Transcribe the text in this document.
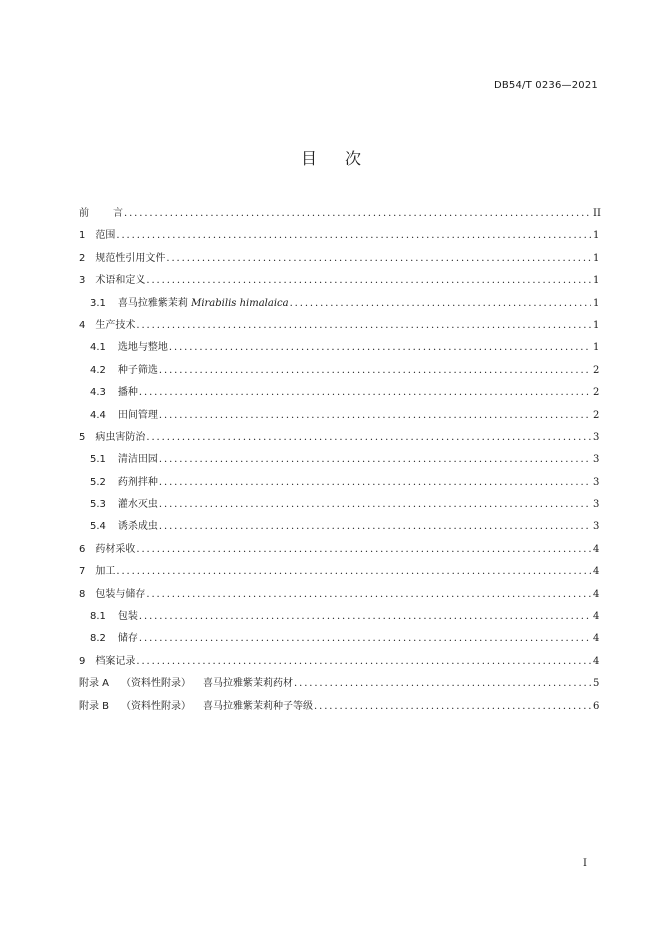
DB54/T 0236—2021
目次
前言 .....	II
1 范围 .....	1
2 规范性引用文件 .....	1
3 术语和定义 .....	1
3.1 喜马拉雅紫茉莉 Mirabilis himalaica .....	1
4 生产技术 .....	1
4.1 选地与整地 .....	1
4.2 种子筛选 .....	2
4.3 播种 .....	2
4.4 田间管理 .....	2
5 病虫害防治 .....	3
5.1 清洁田园 .....	3
5.2 药剂拌种 .....	3
5.3 灌水灭虫 .....	3
5.4 诱杀成虫 .....	3
6 药材采收 .....	4
7 加工 .....	4
8 包装与储存 .....	4
8.1 包装 .....	4
8.2 储存 .....	4
9 档案记录 .....	4
附录 A （资料性附录） 喜马拉雅紫茉莉药材 .....	5
附录 B （资料性附录） 喜马拉雅紫茉莉种子等级 .....	6
I
